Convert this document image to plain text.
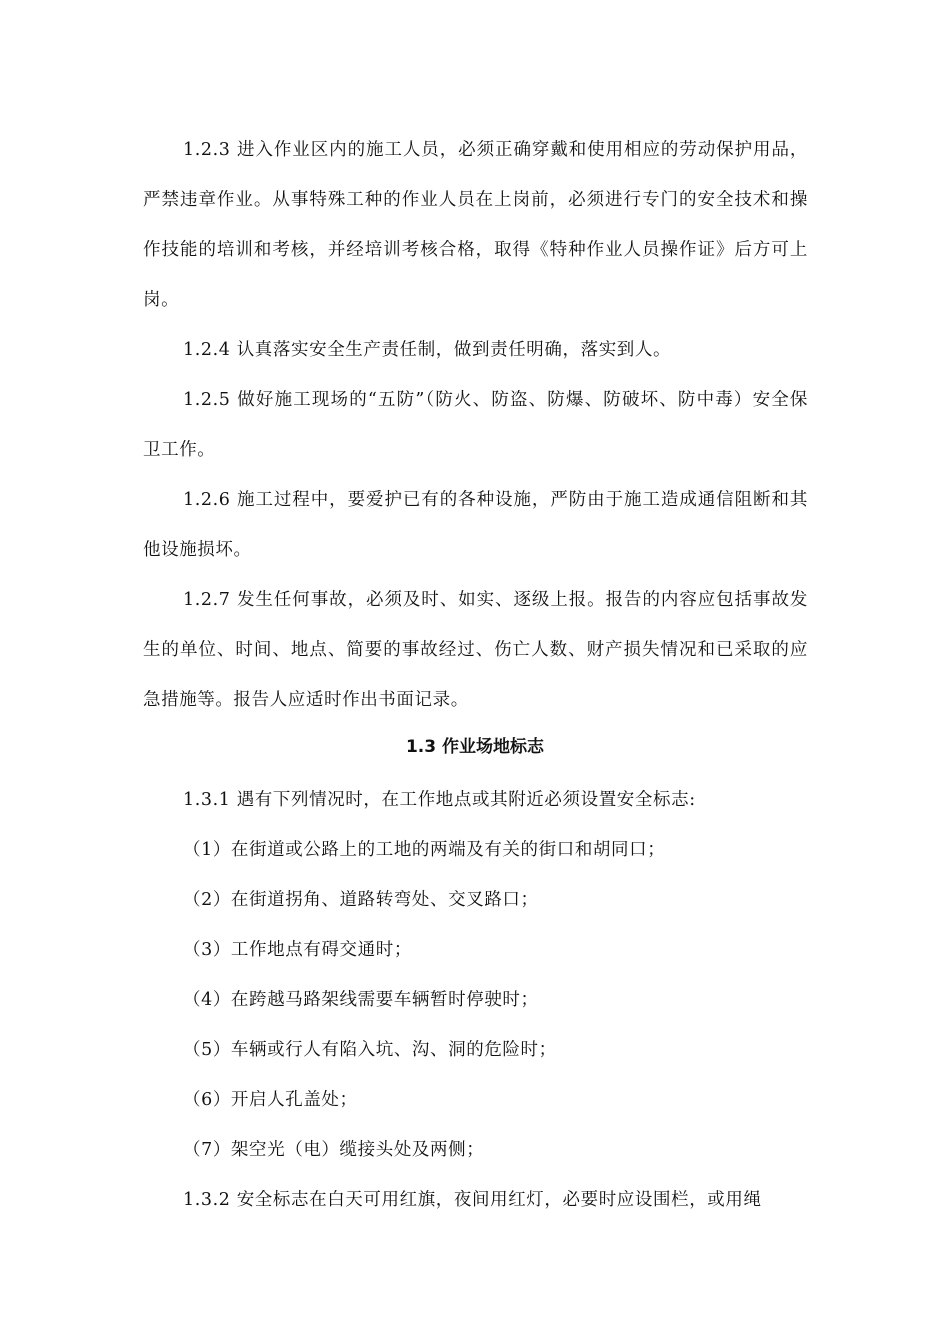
1.2.3 进入作业区内的施工人员，必须正确穿戴和使用相应的劳动保护用品，严禁违章作业。从事特殊工种的作业人员在上岗前，必须进行专门的安全技术和操作技能的培训和考核，并经培训考核合格，取得《特种作业人员操作证》后方可上岗。

1.2.4 认真落实安全生产责任制，做到责任明确，落实到人。

1.2.5 做好施工现场的“五防”（防火、防盗、防爆、防破坏、防中毒）安全保卫工作。

1.2.6 施工过程中，要爱护已有的各种设施，严防由于施工造成通信阻断和其他设施损坏。

1.2.7 发生任何事故，必须及时、如实、逐级上报。报告的内容应包括事故发生的单位、时间、地点、简要的事故经过、伤亡人数、财产损失情况和已采取的应急措施等。报告人应适时作出书面记录。

1.3 作业场地标志

1.3.1 遇有下列情况时，在工作地点或其附近必须设置安全标志:

（1）在街道或公路上的工地的两端及有关的街口和胡同口；

（2）在街道拐角、道路转弯处、交叉路口；

（3）工作地点有碍交通时；

（4）在跨越马路架线需要车辆暂时停驶时；

（5）车辆或行人有陷入坑、沟、洞的危险时；

（6）开启人孔盖处；

（7）架空光（电）缆接头处及两侧；

1.3.2 安全标志在白天可用红旗，夜间用红灯，必要时应设围栏，或用绳
